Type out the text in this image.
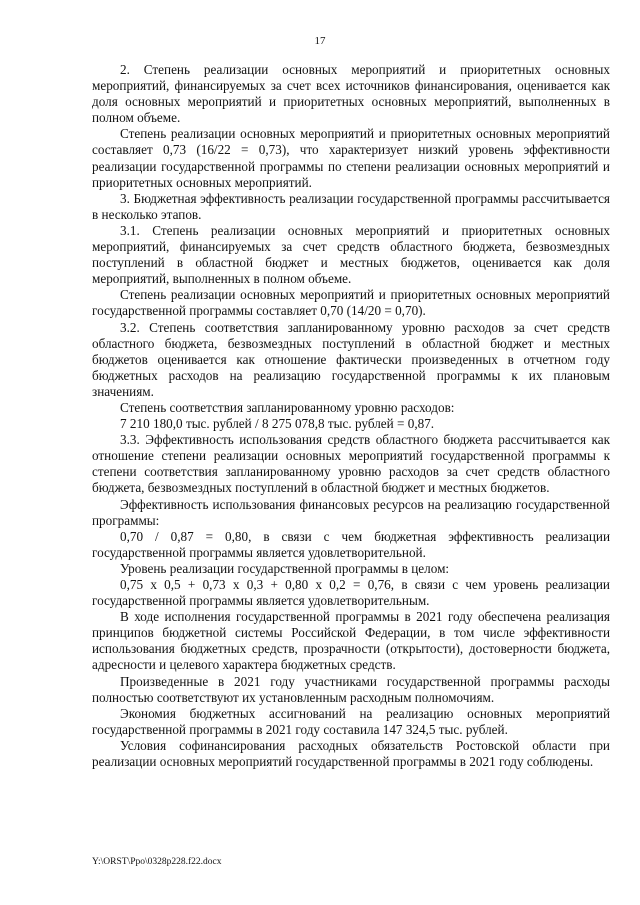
17

2. Степень реализации основных мероприятий и приоритетных основных мероприятий, финансируемых за счет всех источников финансирования, оценивается как доля основных мероприятий и приоритетных основных мероприятий, выполненных в полном объеме.

Степень реализации основных мероприятий и приоритетных основных мероприятий составляет 0,73 (16/22 = 0,73), что характеризует низкий уровень эффективности реализации государственной программы по степени реализации основных мероприятий и приоритетных основных мероприятий.

3. Бюджетная эффективность реализации государственной программы рассчитывается в несколько этапов.

3.1. Степень реализации основных мероприятий и приоритетных основных мероприятий, финансируемых за счет средств областного бюджета, безвозмездных поступлений в областной бюджет и местных бюджетов, оценивается как доля мероприятий, выполненных в полном объеме.

Степень реализации основных мероприятий и приоритетных основных мероприятий государственной программы составляет 0,70 (14/20 = 0,70).

3.2. Степень соответствия запланированному уровню расходов за счет средств областного бюджета, безвозмездных поступлений в областной бюджет и местных бюджетов оценивается как отношение фактически произведенных в отчетном году бюджетных расходов на реализацию государственной программы к их плановым значениям.

Степень соответствия запланированному уровню расходов:

7 210 180,0 тыс. рублей / 8 275 078,8 тыс. рублей = 0,87.

3.3. Эффективность использования средств областного бюджета рассчитывается как отношение степени реализации основных мероприятий государственной программы к степени соответствия запланированному уровню расходов за счет средств областного бюджета, безвозмездных поступлений в областной бюджет и местных бюджетов.

Эффективность использования финансовых ресурсов на реализацию государственной программы:

0,70 / 0,87 = 0,80, в связи с чем бюджетная эффективность реализации государственной программы является удовлетворительной.

Уровень реализации государственной программы в целом:

0,75 х 0,5 + 0,73 х 0,3 + 0,80 х 0,2 = 0,76, в связи с чем уровень реализации государственной программы является удовлетворительным.

В ходе исполнения государственной программы в 2021 году обеспечена реализация принципов бюджетной системы Российской Федерации, в том числе эффективности использования бюджетных средств, прозрачности (открытости), достоверности бюджета, адресности и целевого характера бюджетных средств.

Произведенные в 2021 году участниками государственной программы расходы полностью соответствуют их установленным расходным полномочиям.

Экономия бюджетных ассигнований на реализацию основных мероприятий государственной программы в 2021 году составила 147 324,5 тыс. рублей.

Условия софинансирования расходных обязательств Ростовской области при реализации основных мероприятий государственной программы в 2021 году соблюдены.

Y:\ORST\Ppo\0328p228.f22.docx
